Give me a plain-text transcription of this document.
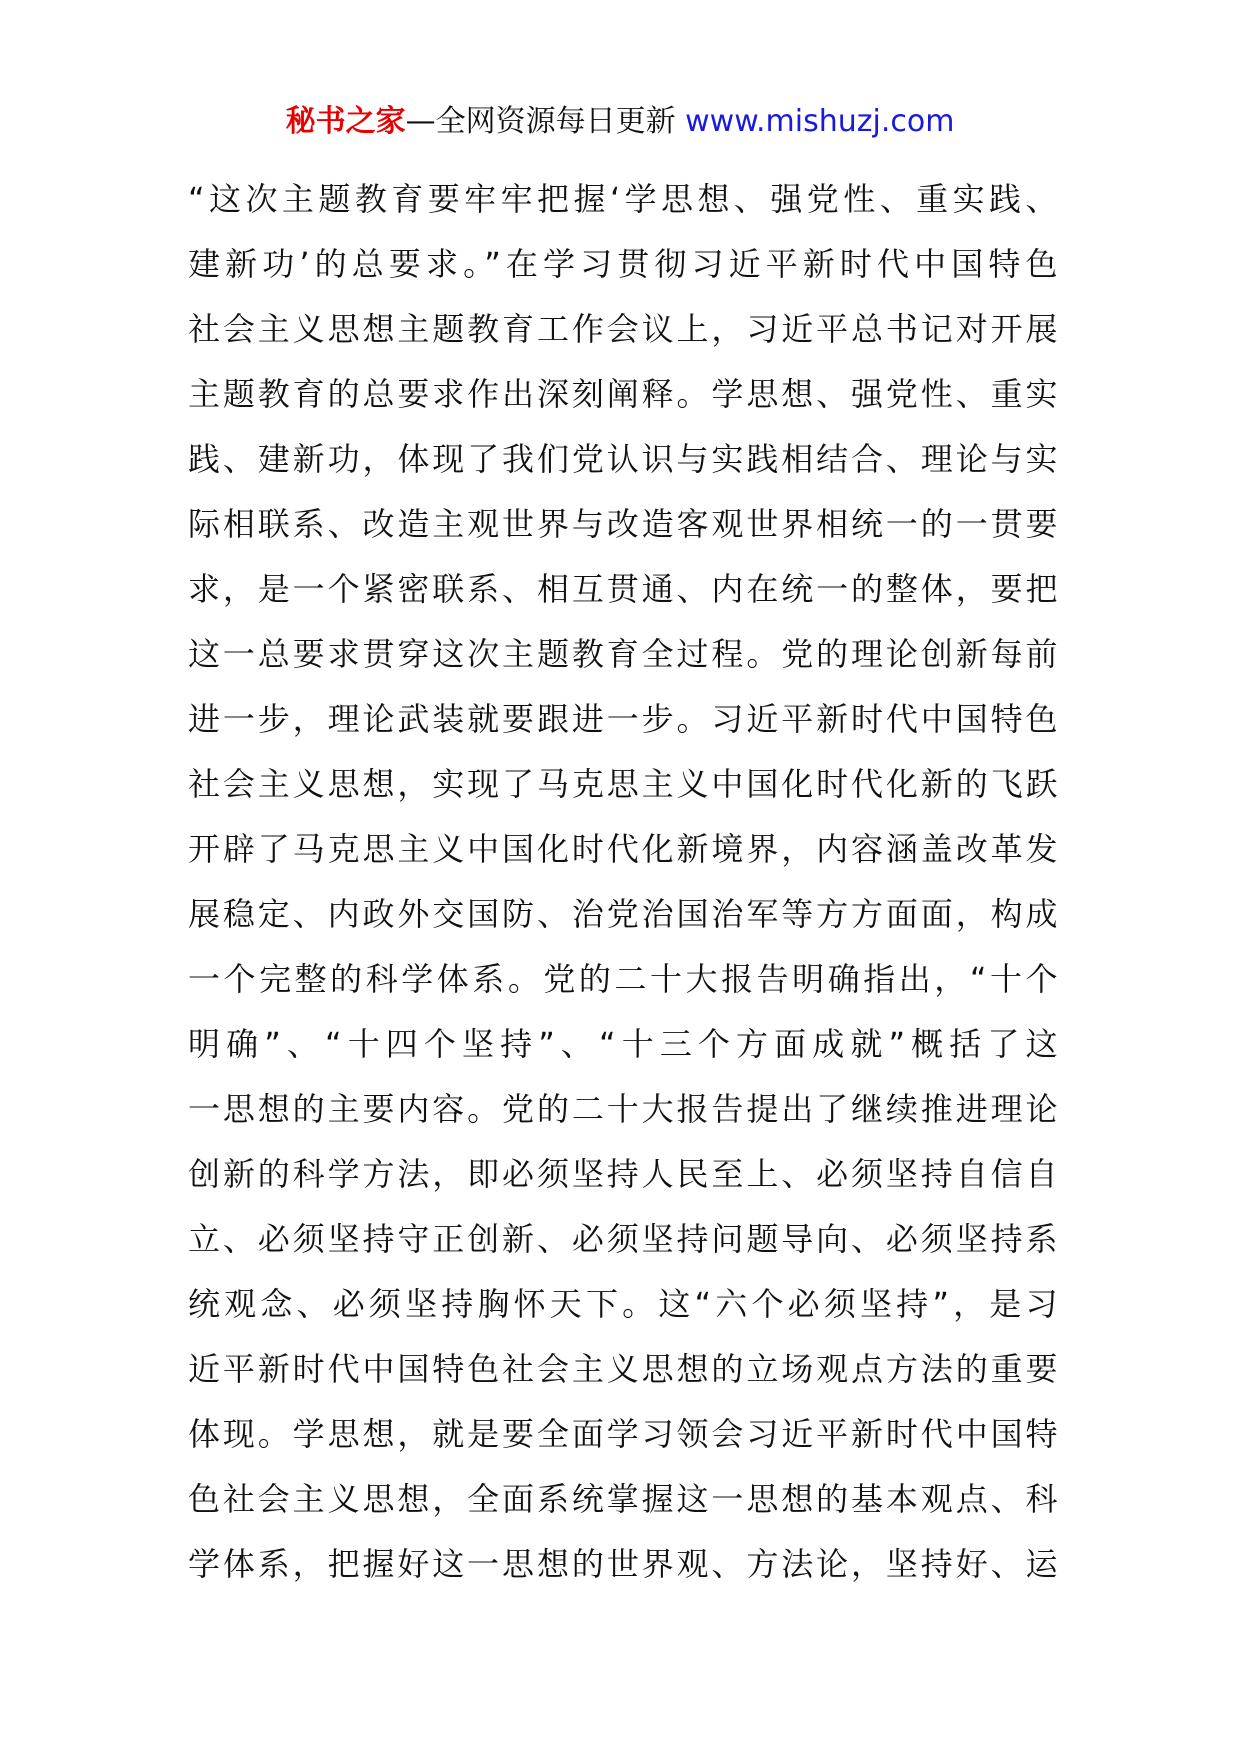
秘书之家—全网资源每日更新 www.mishuzj.com
“这次主题教育要牢牢把握‘学思想、强党性、重实践、
建新功’的总要求。”在学习贯彻习近平新时代中国特色
社会主义思想主题教育工作会议上，习近平总书记对开展
主题教育的总要求作出深刻阐释。学思想、强党性、重实
践、建新功，体现了我们党认识与实践相结合、理论与实
际相联系、改造主观世界与改造客观世界相统一的一贯要
求，是一个紧密联系、相互贯通、内在统一的整体，要把
这一总要求贯穿这次主题教育全过程。党的理论创新每前
进一步，理论武装就要跟进一步。习近平新时代中国特色
社会主义思想，实现了马克思主义中国化时代化新的飞跃
开辟了马克思主义中国化时代化新境界，内容涵盖改革发
展稳定、内政外交国防、治党治国治军等方方面面，构成
一个完整的科学体系。党的二十大报告明确指出，“十个
明确”、“十四个坚持”、“十三个方面成就”概括了这
一思想的主要内容。党的二十大报告提出了继续推进理论
创新的科学方法，即必须坚持人民至上、必须坚持自信自
立、必须坚持守正创新、必须坚持问题导向、必须坚持系
统观念、必须坚持胸怀天下。这“六个必须坚持”，是习
近平新时代中国特色社会主义思想的立场观点方法的重要
体现。学思想，就是要全面学习领会习近平新时代中国特
色社会主义思想，全面系统掌握这一思想的基本观点、科
学体系，把握好这一思想的世界观、方法论，坚持好、运
